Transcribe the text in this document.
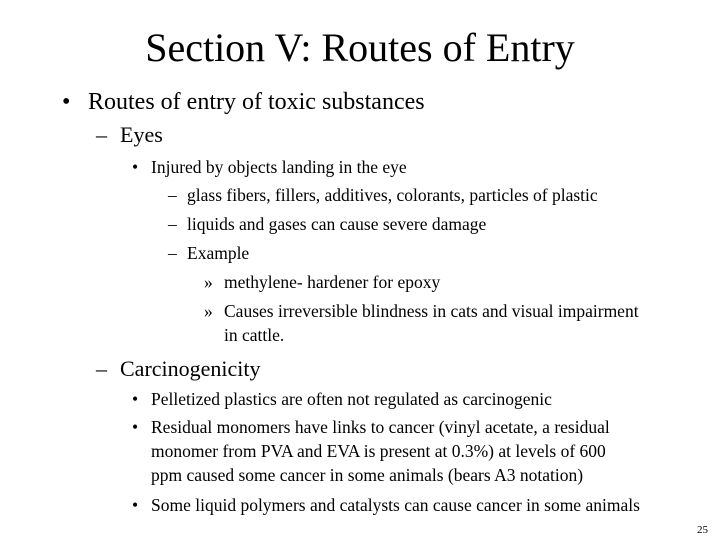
Section V: Routes of Entry
• Routes of entry of toxic substances
– Eyes
• Injured by objects landing in the eye
– glass fibers, fillers, additives, colorants, particles of plastic
– liquids and gases can cause severe damage
– Example
» methylene- hardener for epoxy
» Causes irreversible blindness in cats and visual impairment
in cattle.
– Carcinogenicity
• Pelletized plastics are often not regulated as carcinogenic
• Residual monomers have links to cancer (vinyl acetate, a residual
monomer from PVA and EVA is present at 0.3%) at levels of 600
ppm caused some cancer in some animals (bears A3 notation)
• Some liquid polymers and catalysts can cause cancer in some animals
25
